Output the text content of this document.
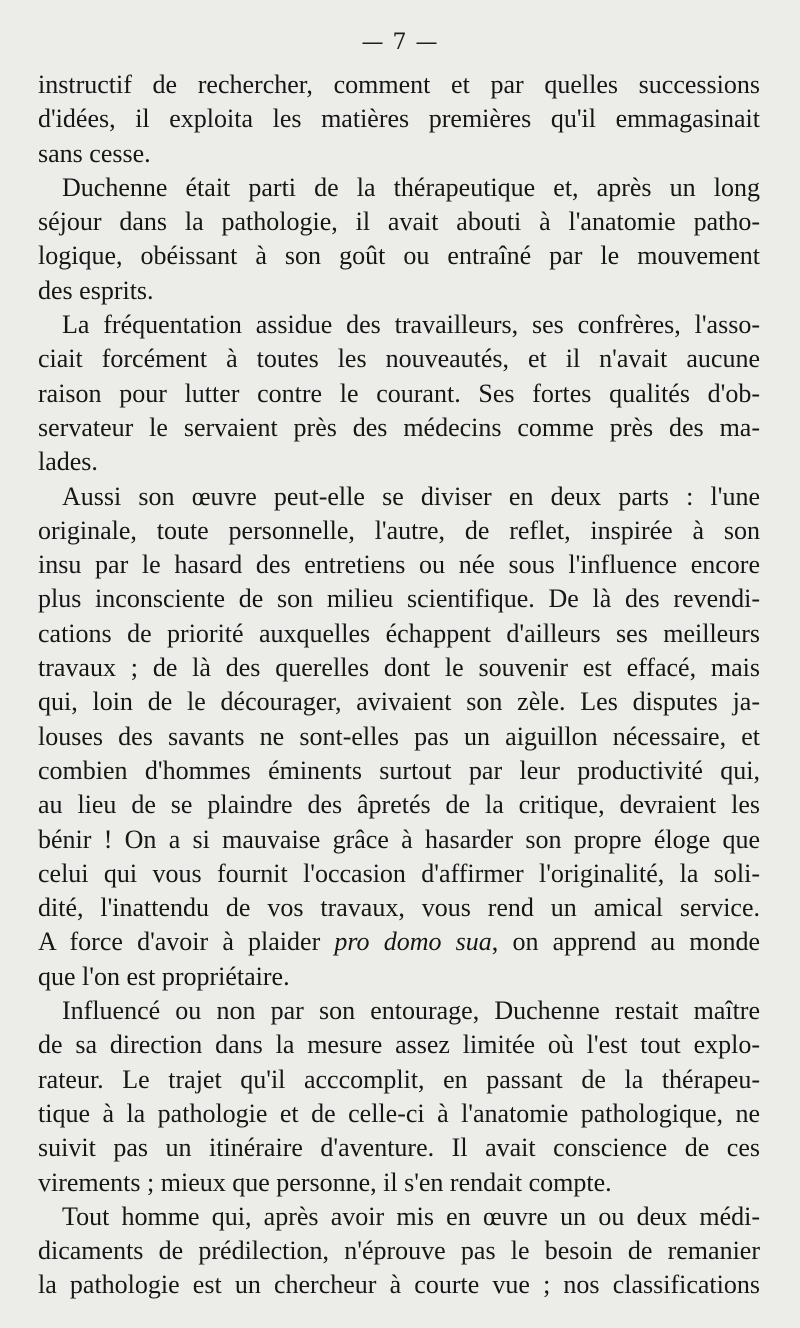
— 7 —
instructif de rechercher, comment et par quelles successions
d'idées, il exploita les matières premières qu'il emmagasinait
sans cesse.
Duchenne était parti de la thérapeutique et, après un long
séjour dans la pathologie, il avait abouti à l'anatomie patho-
logique, obéissant à son goût ou entraîné par le mouvement
des esprits.
La fréquentation assidue des travailleurs, ses confrères, l'asso-
ciait forcément à toutes les nouveautés, et il n'avait aucune
raison pour lutter contre le courant. Ses fortes qualités d'ob-
servateur le servaient près des médecins comme près des ma-
lades.
Aussi son œuvre peut-elle se diviser en deux parts : l'une
originale, toute personnelle, l'autre, de reflet, inspirée à son
insu par le hasard des entretiens ou née sous l'influence encore
plus inconsciente de son milieu scientifique. De là des revendi-
cations de priorité auxquelles échappent d'ailleurs ses meilleurs
travaux ; de là des querelles dont le souvenir est effacé, mais
qui, loin de le décourager, avivaient son zèle. Les disputes ja-
louses des savants ne sont-elles pas un aiguillon nécessaire, et
combien d'hommes éminents surtout par leur productivité qui,
au lieu de se plaindre des âpretés de la critique, devraient les
bénir ! On a si mauvaise grâce à hasarder son propre éloge que
celui qui vous fournit l'occasion d'affirmer l'originalité, la soli-
dité, l'inattendu de vos travaux, vous rend un amical service.
A force d'avoir à plaider pro domo sua, on apprend au monde
que l'on est propriétaire.
Influencé ou non par son entourage, Duchenne restait maître
de sa direction dans la mesure assez limitée où l'est tout explo-
rateur. Le trajet qu'il acccomplit, en passant de la thérapeu-
tique à la pathologie et de celle-ci à l'anatomie pathologique, ne
suivit pas un itinéraire d'aventure. Il avait conscience de ces
virements ; mieux que personne, il s'en rendait compte.
Tout homme qui, après avoir mis en œuvre un ou deux médi-
dicaments de prédilection, n'éprouve pas le besoin de remanier
la pathologie est un chercheur à courte vue ; nos classifications
